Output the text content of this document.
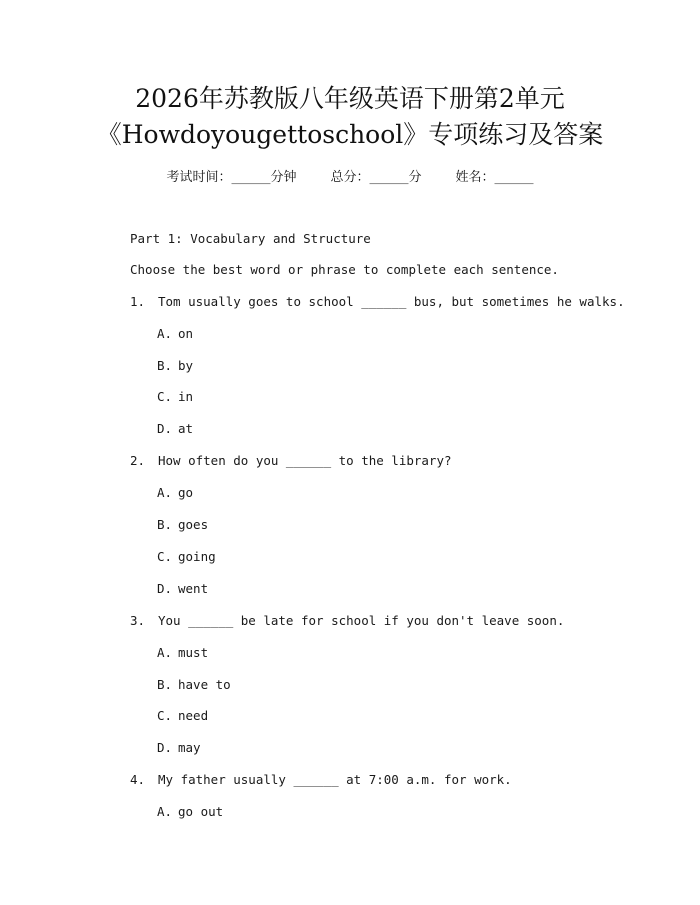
2026年苏教版八年级英语下册第2单元
《Howdoyougettoschool》专项练习及答案
考试时间：______分钟	总分：______分	姓名：______
Part 1: Vocabulary and Structure
Choose the best word or phrase to complete each sentence.
1. Tom usually goes to school ______ bus, but sometimes he walks.
A. on
B. by
C. in
D. at
2. How often do you ______ to the library?
A. go
B. goes
C. going
D. went
3. You ______ be late for school if you don't leave soon.
A. must
B. have to
C. need
D. may
4. My father usually ______ at 7:00 a.m. for work.
A. go out
